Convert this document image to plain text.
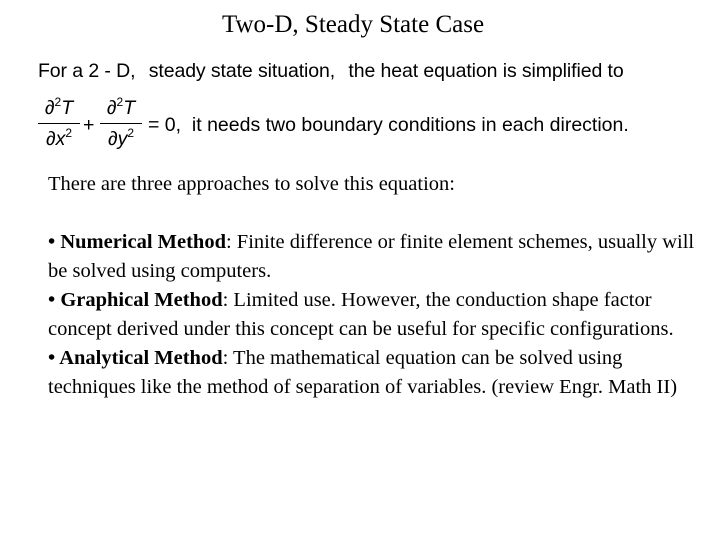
Two-D, Steady State Case
For a 2 - D, steady state situation, the heat equation is simplified to
$\frac{\partial^2T}{\partial x^2} + \frac{\partial^2T}{\partial y^2} = 0$, it needs two boundary conditions in each direction.

There are three approaches to solve this equation:

• Numerical Method: Finite difference or finite element schemes, usually will be solved using computers.

• Graphical Method: Limited use. However, the conduction shape factor concept derived under this concept can be useful for specific configurations.

• Analytical Method: The mathematical equation can be solved using techniques like the method of separation of variables. (review Engr. Math II)
